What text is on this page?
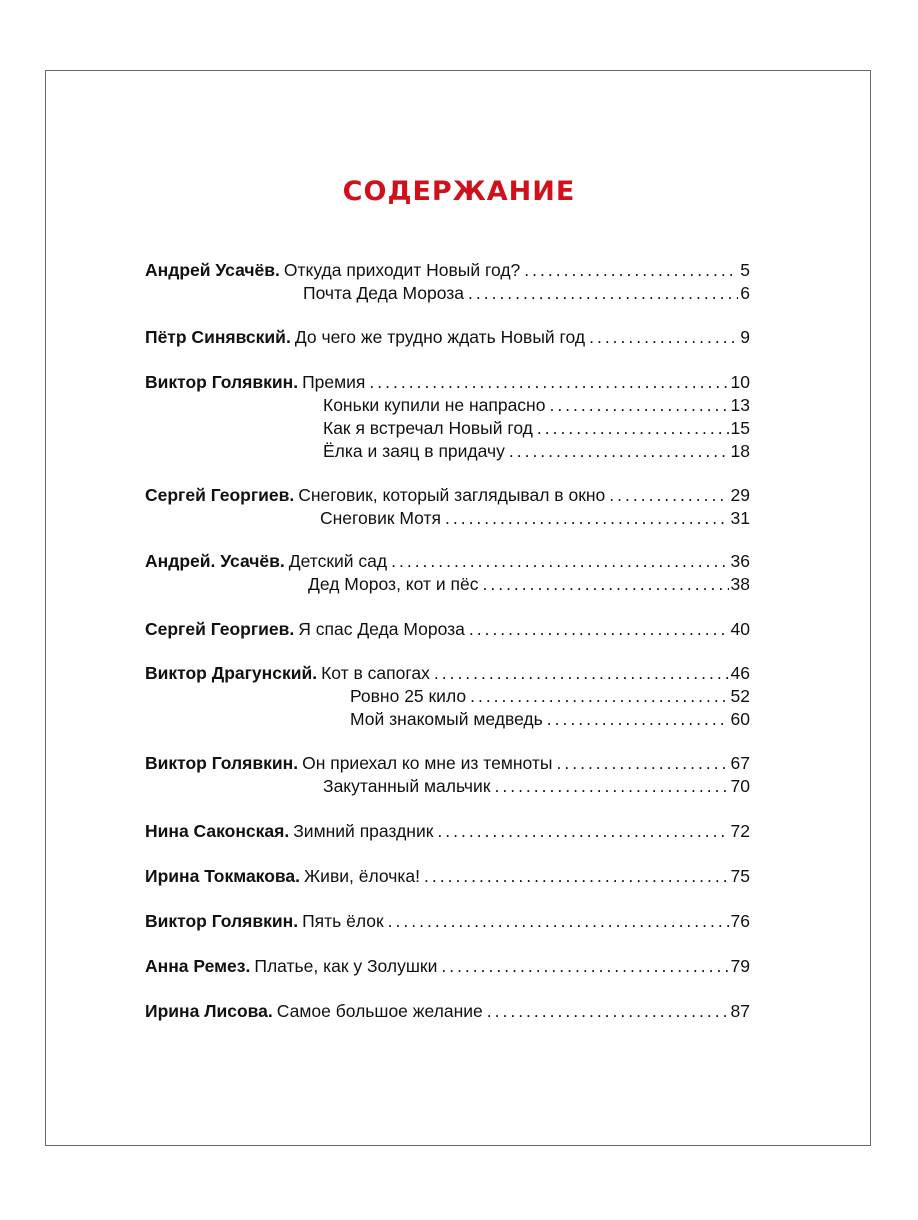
СОДЕРЖАНИЕ
Андрей Усачёв. Откуда приходит Новый год? .....	5
Почта Деда Мороза .....	6
Пётр Синявский. До чего же трудно ждать Новый год .....	9
Виктор Голявкин. Премия .....	10
Коньки купили не напрасно .....	13
Как я встречал Новый год .....	15
Ёлка и заяц в придачу .....	18
Сергей Георгиев. Снеговик, который заглядывал в окно .....	29
Снеговик Мотя .....	31
Андрей. Усачёв. Детский сад .....	36
Дед Мороз, кот и пёс .....	38
Сергей Георгиев. Я спас Деда Мороза .....	40
Виктор Драгунский. Кот в сапогах .....	46
Ровно 25 кило .....	52
Мой знакомый медведь .....	60
Виктор Голявкин. Он приехал ко мне из темноты .....	67
Закутанный мальчик .....	70
Нина Саконская. Зимний праздник .....	72
Ирина Токмакова. Живи, ёлочка! .....	75
Виктор Голявкин. Пять ёлок .....	76
Анна Ремез. Платье, как у Золушки .....	79
Ирина Лисова. Самое большое желание .....	87
